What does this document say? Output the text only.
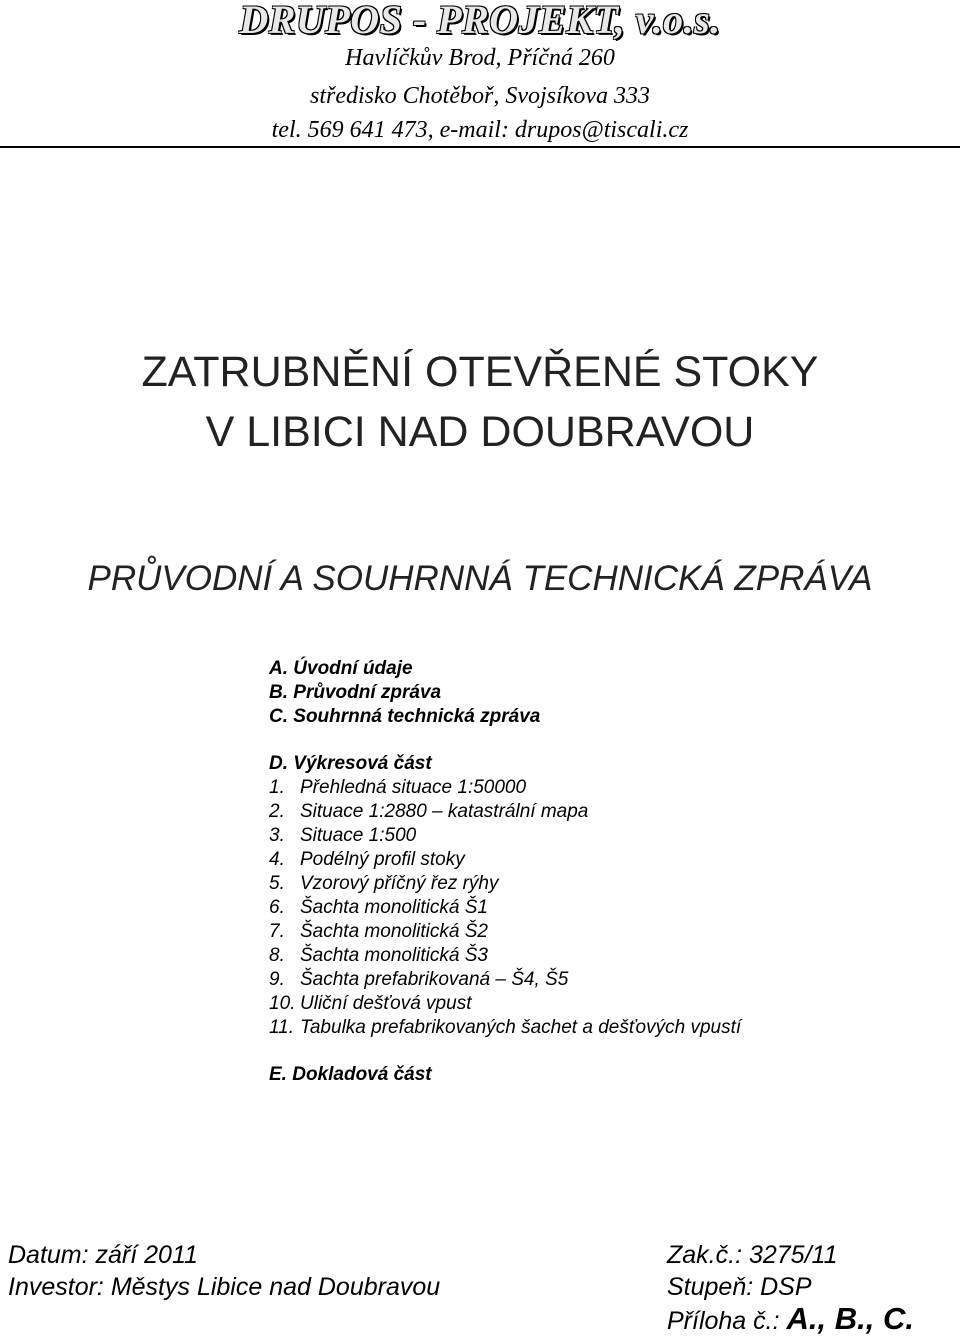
DRUPOS - PROJEKT, v.o.s.
Havlíčkův Brod, Příčná 260
středisko Chotěboř, Svojsíkova 333
tel. 569 641 473, e-mail: drupos@tiscali.cz
ZATRUBNĚNÍ OTEVŘENÉ STOKY
V LIBICI NAD DOUBRAVOU
PRŮVODNÍ A SOUHRNNÁ TECHNICKÁ ZPRÁVA
A. Úvodní údaje
B. Průvodní zpráva
C. Souhrnná technická zpráva
D. Výkresová část
1. Přehledná situace 1:50000
2. Situace 1:2880 – katastrální mapa
3. Situace 1:500
4. Podélný profil stoky
5. Vzorový příčný řez rýhy
6. Šachta monolitická Š1
7. Šachta monolitická Š2
8. Šachta monolitická Š3
9. Šachta prefabrikovaná – Š4, Š5
10. Uliční dešťová vpust
11. Tabulka prefabrikovaných šachet a dešťových vpustí
E. Dokladová část
Datum: září 2011
Investor: Městys Libice nad Doubravou
Zak.č.: 3275/11
Stupeň: DSP
Příloha č.: A., B., C.
